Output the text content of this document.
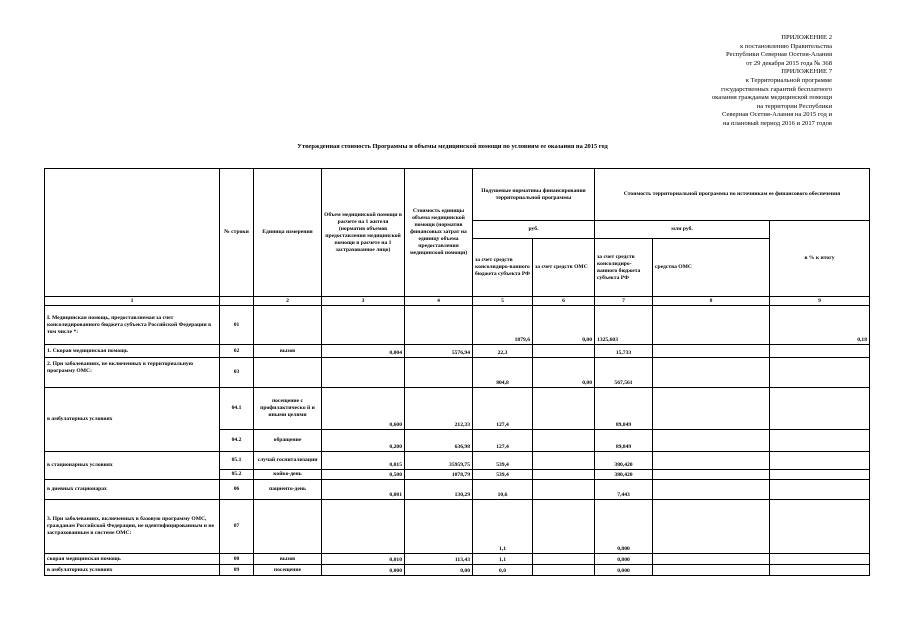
ПРИЛОЖЕНИЕ 2
к постановлению Правительства
Республики Северная Осетия-Алания
от 29 декабря 2015 года № 368
ПРИЛОЖЕНИЕ 7
к Территориальной программе
государственных гарантий бесплатного
оказания гражданам медицинской помощи
на территории Республики
Северная Осетия-Алания на 2015 год и
на плановый период 2016 и 2017 годов
Утвержденная стоимость Программы и объемы медицинской помощи по условиям ее оказания на 2015 год
	№ строки	Единица измерения	Объем медицинской помощи в расчете на 1 жителя (норматив объемов предоставления медицинской помощи в расчете на 1 застрахованное лицо)	Стоимость единицы объема медицинской помощи (норматив финансовых затрат на единицу объема предоставления медицинской помощи)	Подушевые нормативы финансирования территориальной программы		Стоимость территориальной программы по источникам ее финансового обеспечения		
					руб.		млн руб.		в % к итогу
					за счет средств консолидиро-ванного бюджета субъекта РФ	за счет средств ОМС	за счет средств консолидиро-ванного бюджета субъекта РФ	средства ОМС	
1		2	3	4	5	6	7	8	9
I. Медицинская помощь, предоставляемая за счет консолидированного бюджета субъекта Российской Федерации в том числе *:	01				1879,6	0,00	1325,603		0,18
1. Скорая медицинская помощь	02	вызов	0,004	5576,94	22,3		15,733		
2. При заболеваниях, не включенных в территориальную программу ОМС:	03				804,8	0,00	567,561		
в амбулаторных условиях	04.1	посещение с профилактическо й и иными целями	0,600	212,33	127,4		89,849		
	04.2	обращение	0,200	636,98	127,4		89,849		
в стационарных условиях	05.1	случай госпитализации	0,015	35959,75	539,4		380,420		
	05.2	койко-день	0,500	1078,79	539,4		380,420		
в дневных стационарах	06	пациенто-день	0,081	130,29	10,6		7,443		
3. При заболеваниях, включенных в базовую программу ОМС, гражданам Российской Федерации, не идентифицированным и не застрахованным в системе ОМС:	07				1,1		0,800		
скорая медицинская помощь	08	вызов	0,010	113,43	1,1		0,800		
в амбулаторных условиях	09	посещение	0,000	0,00	0,0		0,000		
